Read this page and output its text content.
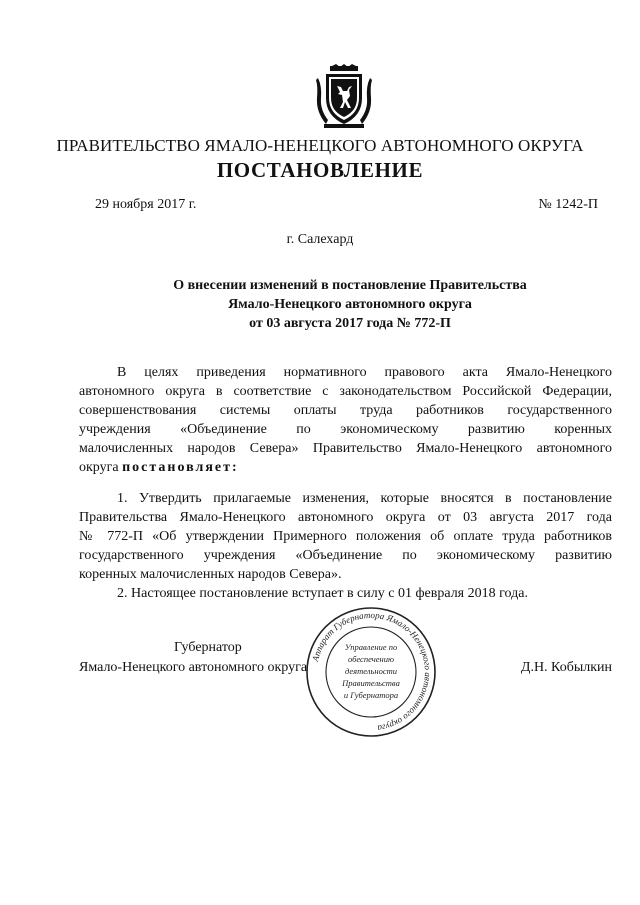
ПРАВИТЕЛЬСТВО ЯМАЛО-НЕНЕЦКОГО АВТОНОМНОГО ОКРУГА
ПОСТАНОВЛЕНИЕ
29 ноября 2017 г.	№ 1242-П
г. Салехард
О внесении изменений в постановление Правительства
Ямало-Ненецкого автономного округа
от 03 августа 2017 года № 772-П
В целях приведения нормативного правового акта Ямало-Ненецкого
автономного округа в соответствие с законодательством Российской Федерации,
совершенствования системы оплаты труда работников государственного
учреждения «Объединение по экономическому развитию коренных
малочисленных народов Севера» Правительство Ямало-Ненецкого автономного
округа постановляет:
1. Утвердить прилагаемые изменения, которые вносятся в постановление
Правительства Ямало-Ненецкого автономного округа от 03 августа 2017 года
№ 772-П «Об утверждении Примерного положения об оплате труда работников
государственного учреждения «Объединение по экономическому развитию
коренных малочисленных народов Севера».
2. Настоящее постановление вступает в силу с 01 февраля 2018 года.
Губернатор
Ямало-Ненецкого автономного округа	Д.Н. Кобылкин
Аппарат Губернатора Ямало-Ненецкого автономного округа
Управление по
обеспечению
деятельности
Правительства
и Губернатора
